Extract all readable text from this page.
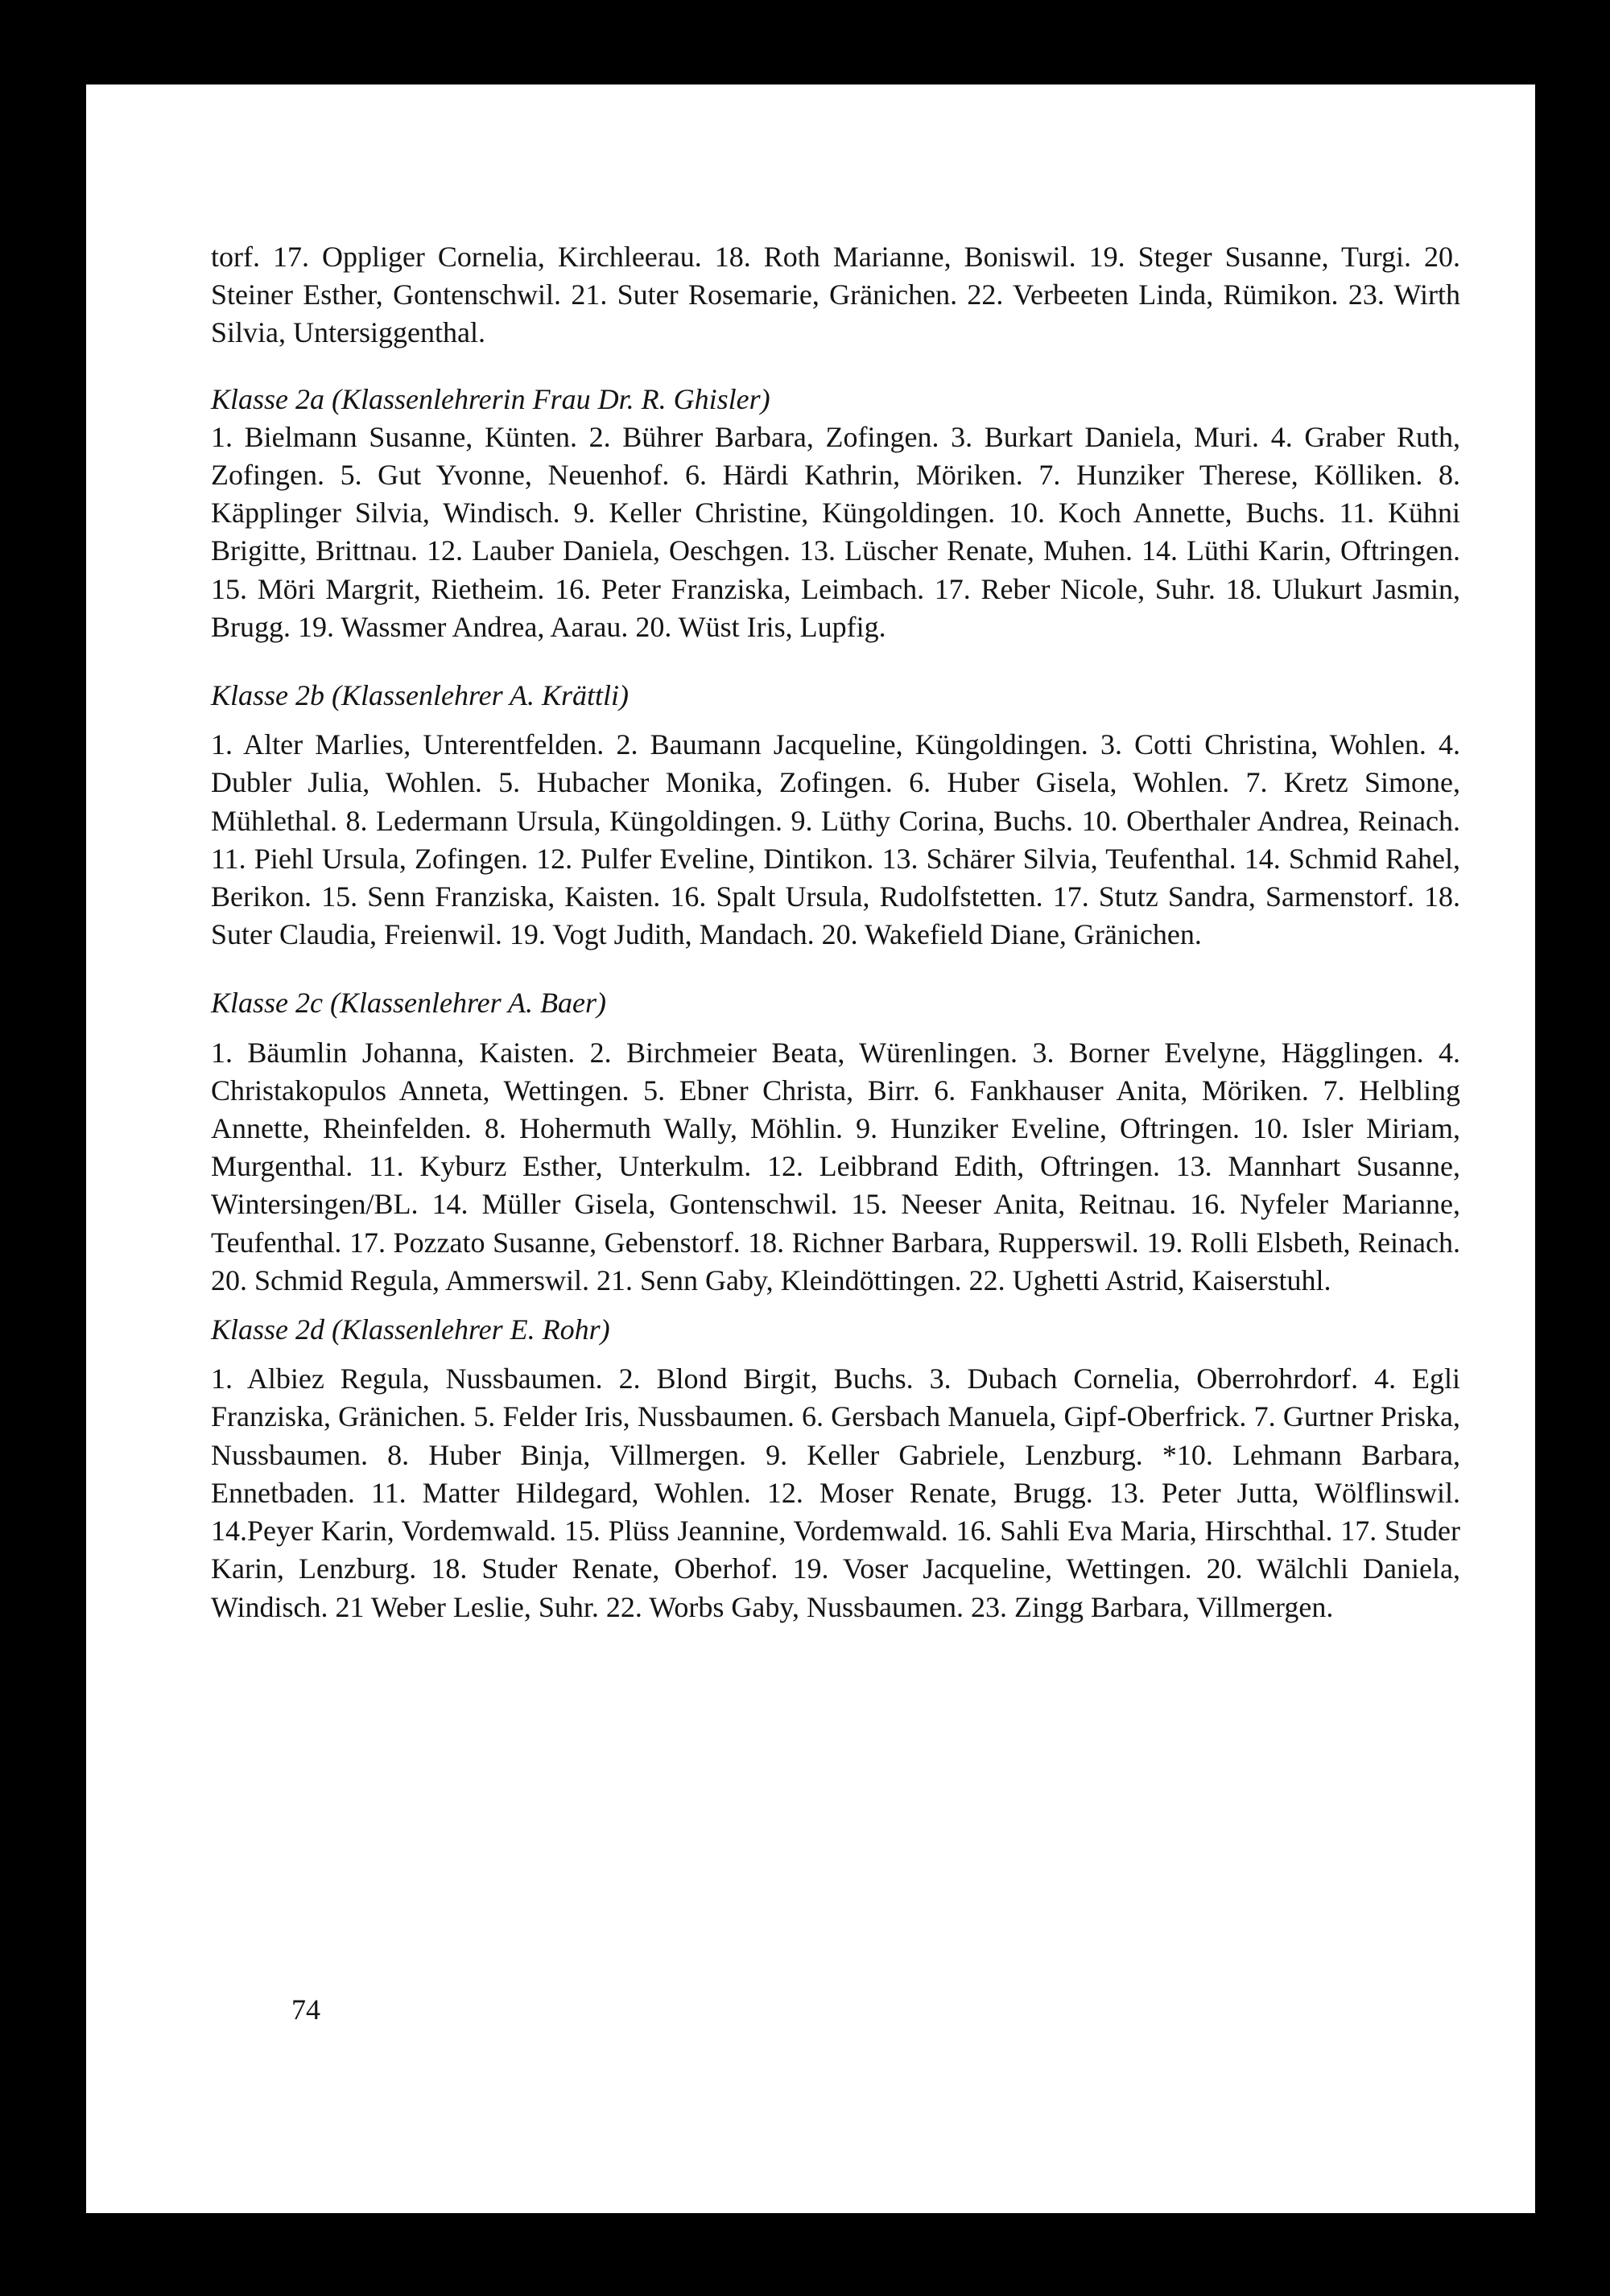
torf. 17. Oppliger Cornelia, Kirchleerau. 18. Roth Marianne, Boniswil. 19. Steger Susanne, Turgi. 20. Steiner Esther, Gontenschwil. 21. Suter Rosemarie, Gränichen. 22. Verbeeten Linda, Rümikon. 23. Wirth Silvia, Untersiggenthal.

Klasse 2a (Klassenlehrerin Frau Dr. R. Ghisler)

1. Bielmann Susanne, Künten. 2. Bührer Barbara, Zofingen. 3. Burkart Daniela, Muri. 4. Graber Ruth, Zofingen. 5. Gut Yvonne, Neuenhof. 6. Härdi Kathrin, Möriken. 7. Hunziker Therese, Kölliken. 8. Käpplinger Silvia, Windisch. 9. Keller Christine, Küngoldingen. 10. Koch Annette, Buchs. 11. Kühni Brigitte, Brittnau. 12. Lauber Daniela, Oeschgen. 13. Lüscher Renate, Muhen. 14. Lüthi Karin, Oftringen. 15. Möri Margrit, Rietheim. 16. Peter Franziska, Leimbach. 17. Reber Nicole, Suhr. 18. Ulukurt Jasmin, Brugg. 19. Wassmer Andrea, Aarau. 20. Wüst Iris, Lupfig.

Klasse 2b (Klassenlehrer A. Krättli)

1. Alter Marlies, Unterentfelden. 2. Baumann Jacqueline, Küngoldingen. 3. Cotti Christina, Wohlen. 4. Dubler Julia, Wohlen. 5. Hubacher Monika, Zofingen. 6. Huber Gisela, Wohlen. 7. Kretz Simone, Mühlethal. 8. Ledermann Ursula, Küngoldingen. 9. Lüthy Corina, Buchs. 10. Oberthaler Andrea, Reinach. 11. Piehl Ursula, Zofingen. 12. Pulfer Eveline, Dintikon. 13. Schärer Silvia, Teufenthal. 14. Schmid Rahel, Berikon. 15. Senn Franziska, Kaisten. 16. Spalt Ursula, Rudolfstetten. 17. Stutz Sandra, Sarmenstorf. 18. Suter Claudia, Freienwil. 19. Vogt Judith, Mandach. 20. Wakefield Diane, Gränichen.

Klasse 2c (Klassenlehrer A. Baer)

1. Bäumlin Johanna, Kaisten. 2. Birchmeier Beata, Würenlingen. 3. Borner Evelyne, Hägglingen. 4. Christakopulos Anneta, Wettingen. 5. Ebner Christa, Birr. 6. Fankhauser Anita, Möriken. 7. Helbling Annette, Rheinfelden. 8. Hohermuth Wally, Möhlin. 9. Hunziker Eveline, Oftringen. 10. Isler Miriam, Murgenthal. 11. Kyburz Esther, Unterkulm. 12. Leibbrand Edith, Oftringen. 13. Mannhart Susanne, Wintersingen/BL. 14. Müller Gisela, Gontenschwil. 15. Neeser Anita, Reitnau. 16. Nyfeler Marianne, Teufenthal. 17. Pozzato Susanne, Gebenstorf. 18. Richner Barbara, Rupperswil. 19. Rolli Elsbeth, Reinach. 20. Schmid Regula, Ammerswil. 21. Senn Gaby, Kleindöttingen. 22. Ughetti Astrid, Kaiserstuhl.

Klasse 2d (Klassenlehrer E. Rohr)

1. Albiez Regula, Nussbaumen. 2. Blond Birgit, Buchs. 3. Dubach Cornelia, Oberrohrdorf. 4. Egli Franziska, Gränichen. 5. Felder Iris, Nussbaumen. 6. Gersbach Manuela, Gipf-Oberfrick. 7. Gurtner Priska, Nussbaumen. 8. Huber Binja, Villmergen. 9. Keller Gabriele, Lenzburg. *10. Lehmann Barbara, Ennetbaden. 11. Matter Hildegard, Wohlen. 12. Moser Renate, Brugg. 13. Peter Jutta, Wölflinswil. 14.Peyer Karin, Vordemwald. 15. Plüss Jeannine, Vordemwald. 16. Sahli Eva Maria, Hirschthal. 17. Studer Karin, Lenzburg. 18. Studer Renate, Oberhof. 19. Voser Jacqueline, Wettingen. 20. Wälchli Daniela, Windisch. 21 Weber Leslie, Suhr. 22. Worbs Gaby, Nussbaumen. 23. Zingg Barbara, Villmergen.

74
